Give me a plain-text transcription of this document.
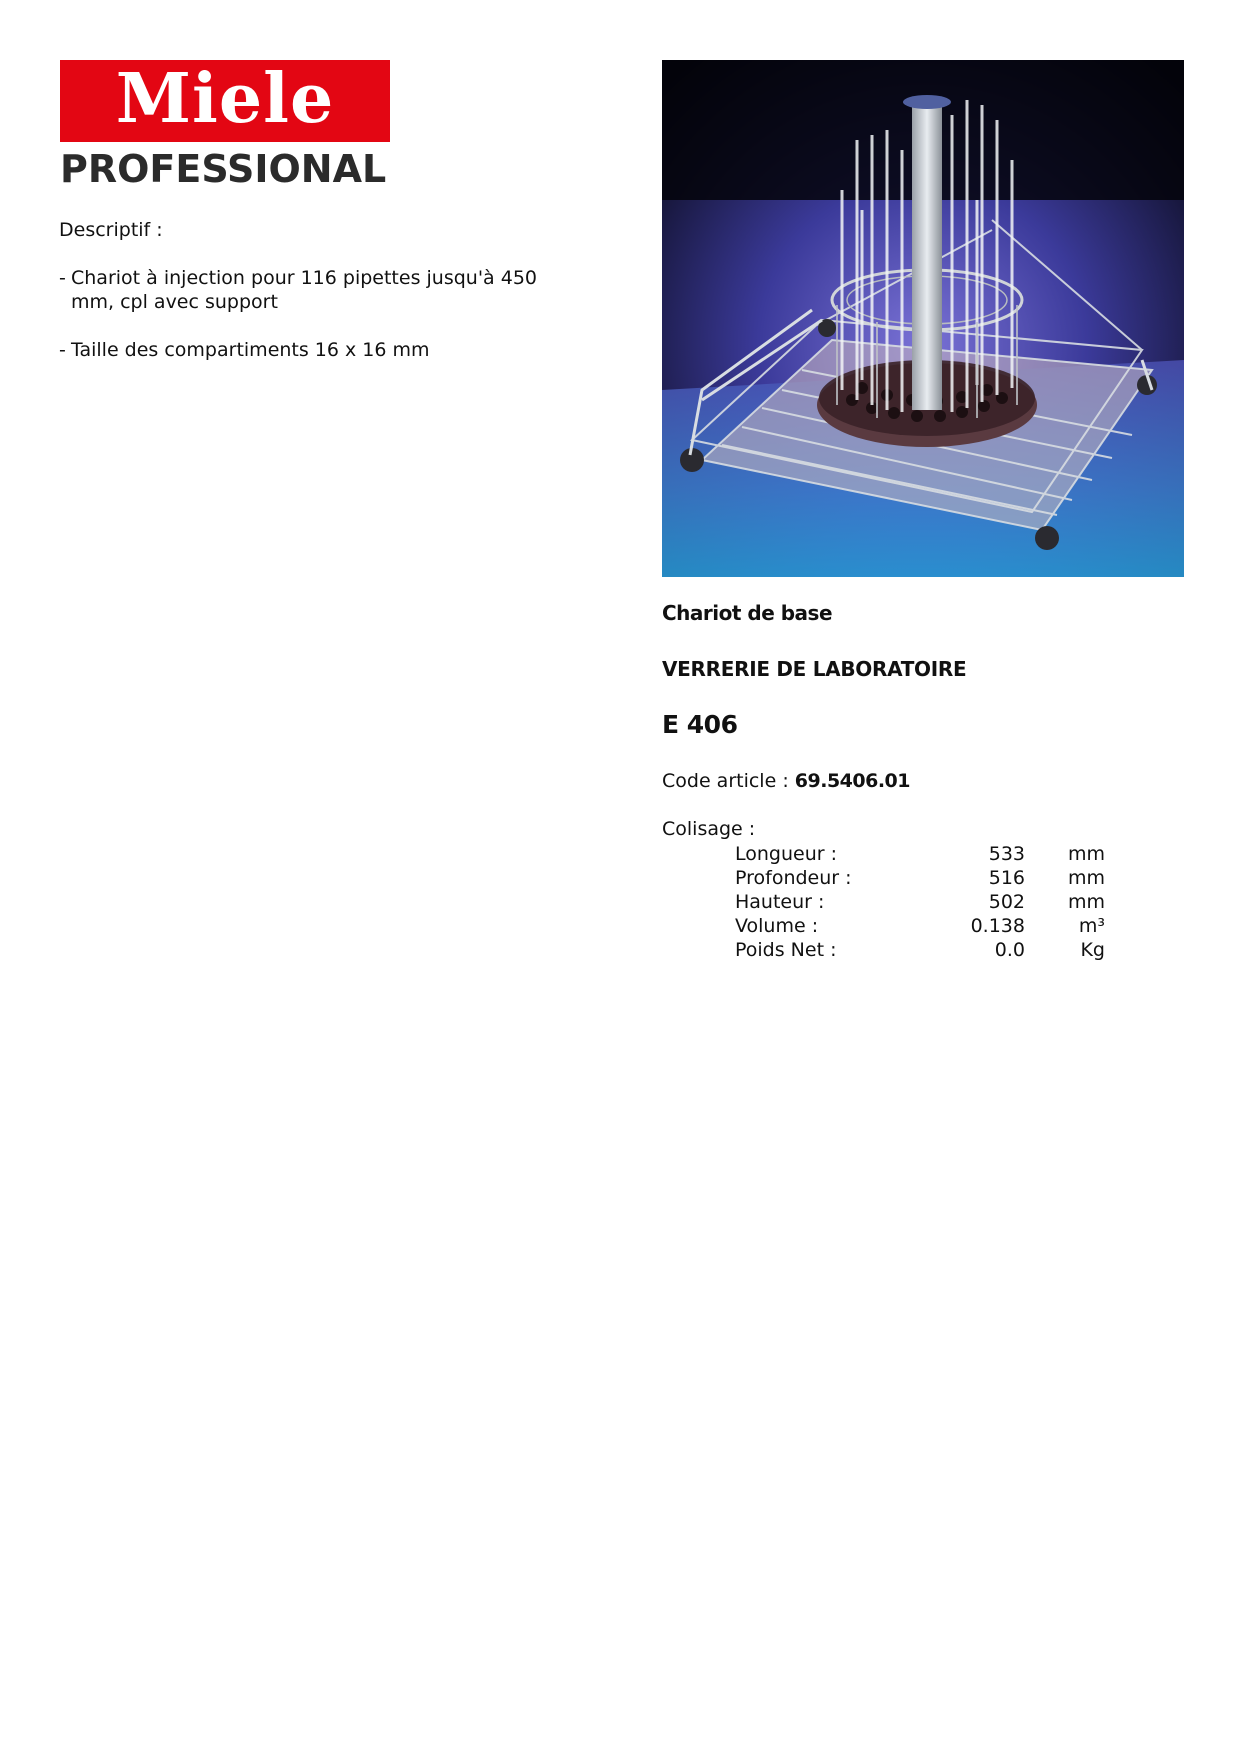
Miele
PROFESSIONAL
Descriptif :
- Chariot à injection pour 116 pipettes jusqu'à 450 mm, cpl avec support
- Taille des compartiments 16 x 16 mm
Chariot de base
VERRERIE DE LABORATOIRE
E 406
Code article : 69.5406.01
Colisage :
Longueur :	533	mm
Profondeur :	516	mm
Hauteur :	502	mm
Volume :	0.138	m³
Poids Net :	0.0	Kg
